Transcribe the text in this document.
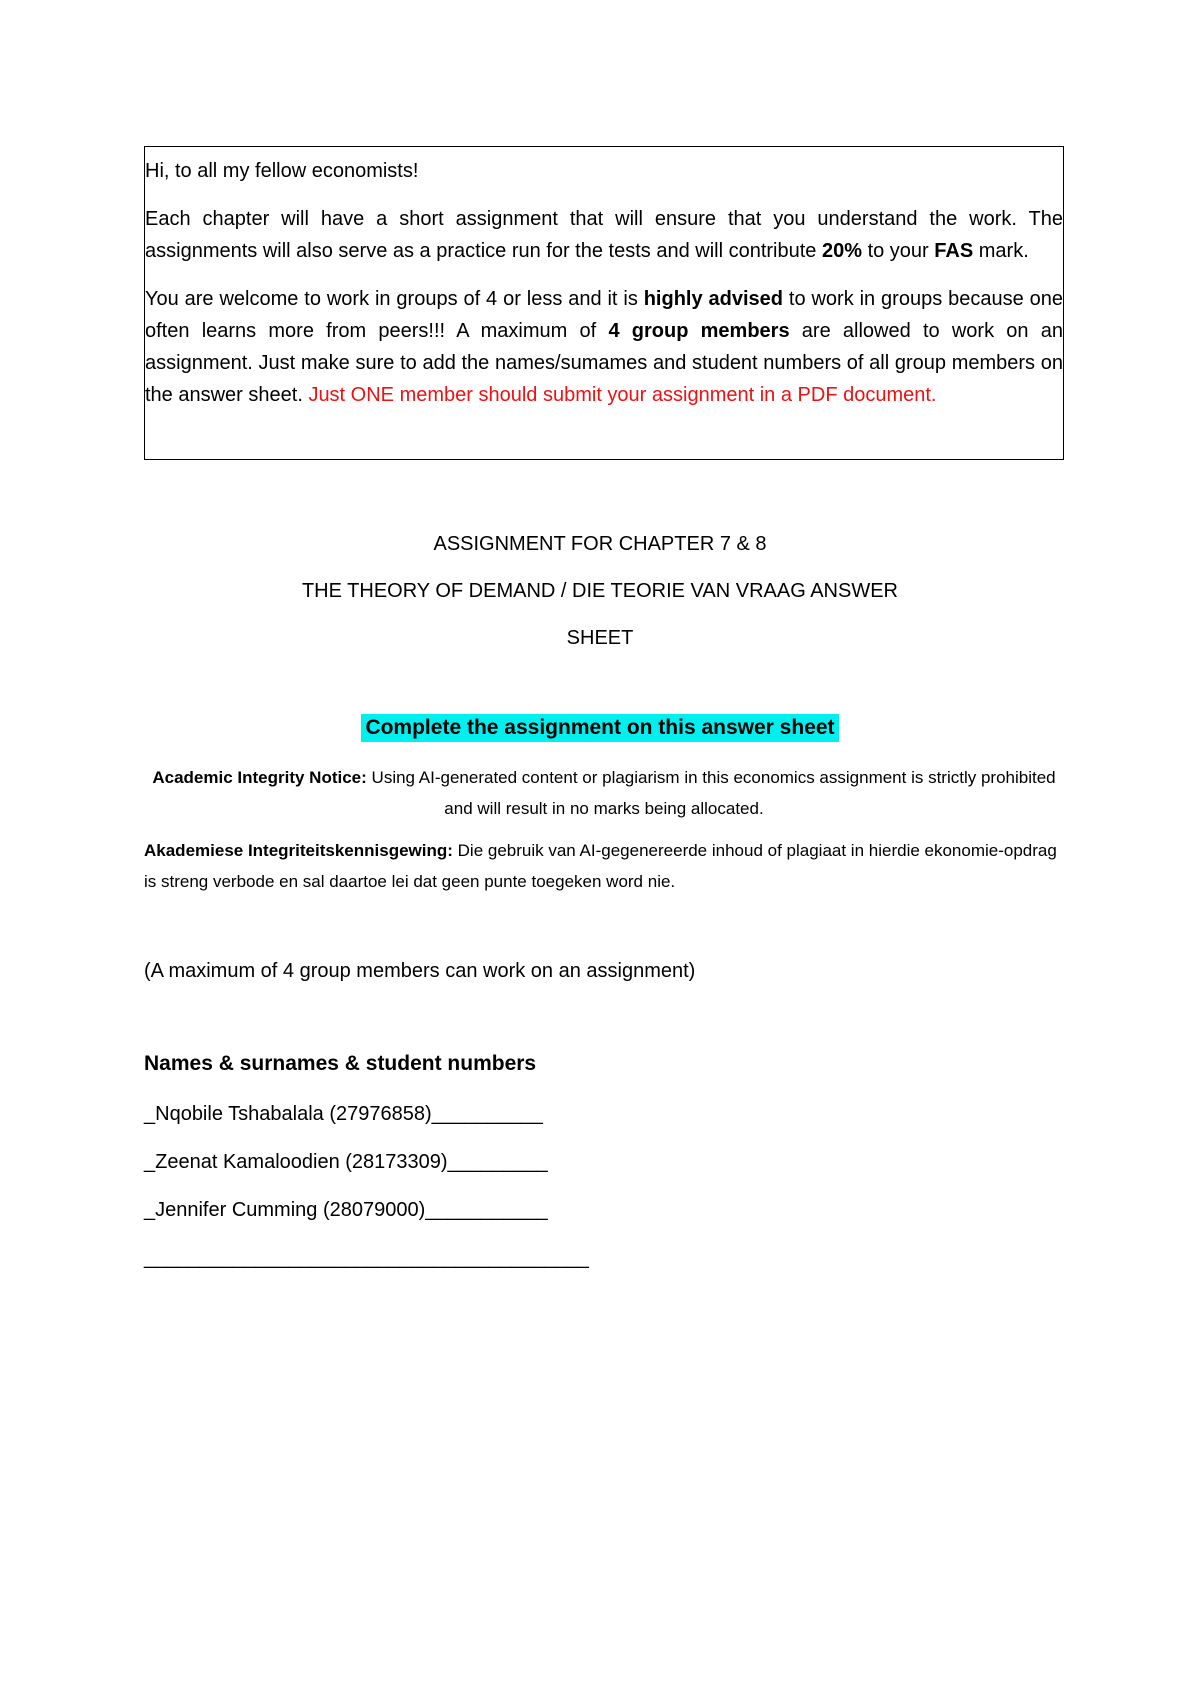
Hi, to all my fellow economists!

Each chapter will have a short assignment that will ensure that you understand the work. The assignments will also serve as a practice run for the tests and will contribute 20% to your FAS mark.

You are welcome to work in groups of 4 or less and it is highly advised to work in groups because one often learns more from peers!!! A maximum of 4 group members are allowed to work on an assignment. Just make sure to add the names/sumames and student numbers of all group members on the answer sheet. Just ONE member should submit your assignment in a PDF document.

ASSIGNMENT FOR CHAPTER 7 & 8
THE THEORY OF DEMAND / DIE TEORIE VAN VRAAG ANSWER
SHEET
Complete the assignment on this answer sheet
Academic Integrity Notice: Using AI-generated content or plagiarism in this economics assignment is strictly prohibited and will result in no marks being allocated.
Akademiese Integriteitskennisgewing: Die gebruik van AI-gegenereerde inhoud of plagiaat in hierdie ekonomie-opdrag is streng verbode en sal daartoe lei dat geen punte toegeken word nie.
(A maximum of 4 group members can work on an assignment)
Names & surnames & student numbers
_Nqobile Tshabalala (27976858)__________
_Zeenat Kamaloodien (28173309)_________
_Jennifer Cumming (28079000)___________
________________________________________
